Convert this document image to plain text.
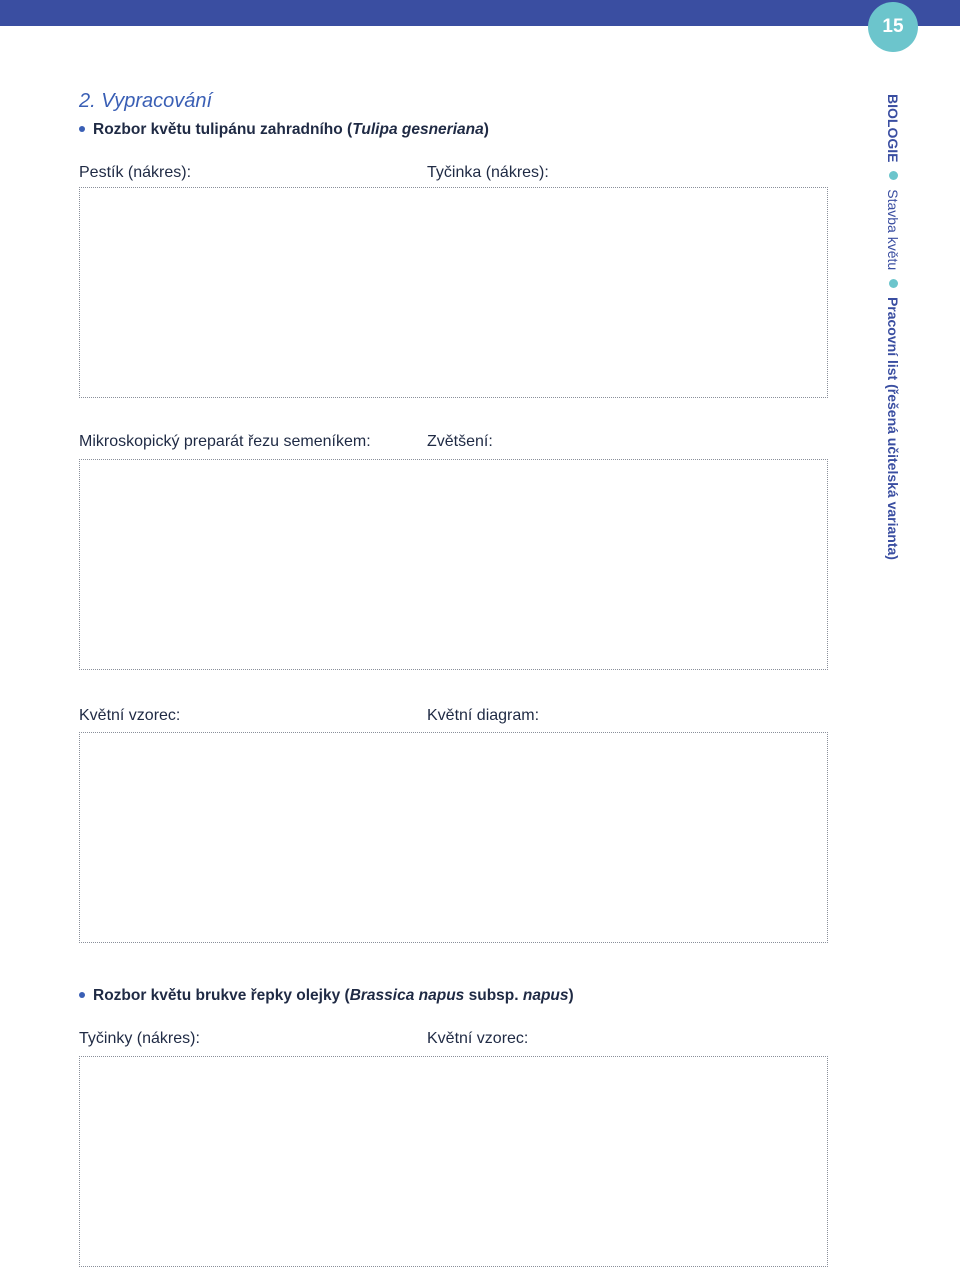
15
2. Vypracování
Rozbor květu tulipánu zahradního (Tulipa gesneriana)
Pestík (nákres):	Tyčinka (nákres):
Mikroskopický preparát řezu semeníkem:	Zvětšení:
Květní vzorec:	Květní diagram:
Rozbor květu brukve řepky olejky (Brassica napus subsp. napus)
Tyčinky (nákres):	Květní vzorec:
BIOLOGIE  Stavba květu  Pracovní list (řešená učitelská varianta)
